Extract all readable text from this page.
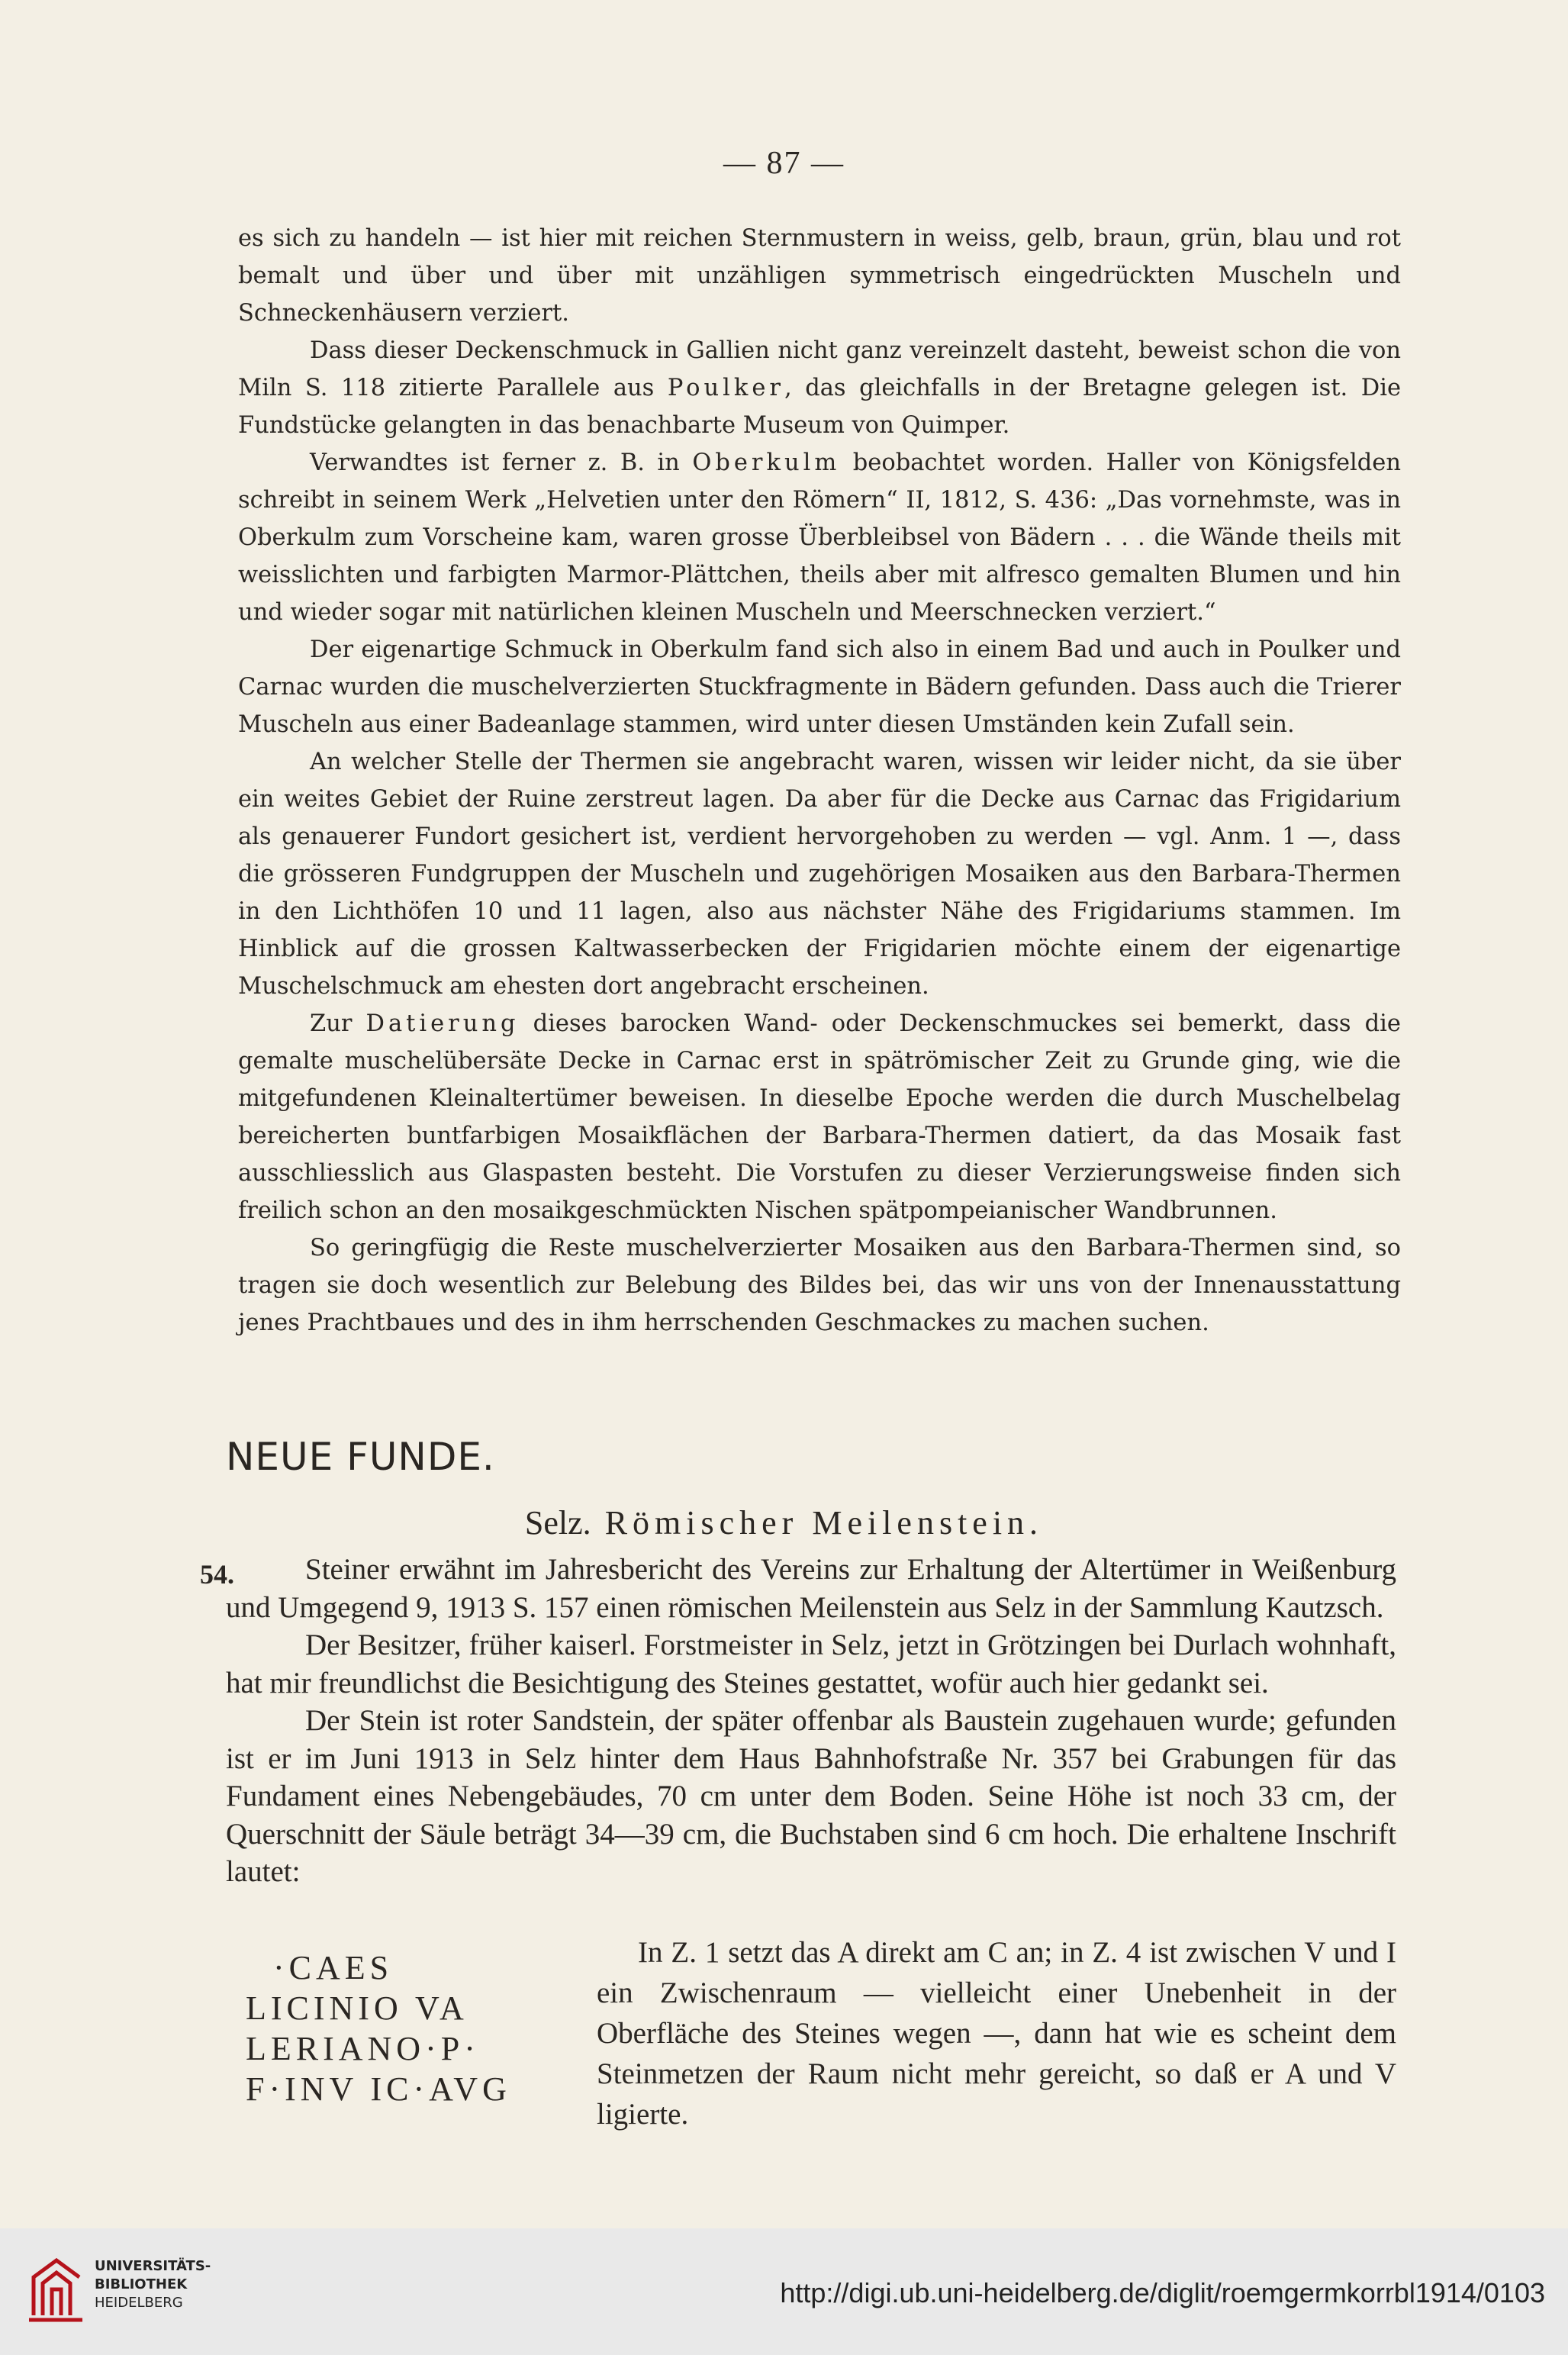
— 87 —

es sich zu handeln — ist hier mit reichen Sternmustern in weiss, gelb, braun, grün, blau und rot bemalt und über und über mit unzähligen symmetrisch eingedrückten Muscheln und Schneckenhäusern verziert.

Dass dieser Deckenschmuck in Gallien nicht ganz vereinzelt dasteht, beweist schon die von Miln S. 118 zitierte Parallele aus Poulker, das gleichfalls in der Bretagne gelegen ist. Die Fundstücke gelangten in das benachbarte Museum von Quimper.

Verwandtes ist ferner z. B. in Oberkulm beobachtet worden. Haller von Königsfelden schreibt in seinem Werk „Helvetien unter den Römern“ II, 1812, S. 436: „Das vornehmste, was in Oberkulm zum Vorscheine kam, waren grosse Überbleibsel von Bädern . . . die Wände theils mit weisslichten und farbigten Marmor-Plättchen, theils aber mit alfresco gemalten Blumen und hin und wieder sogar mit natürlichen kleinen Muscheln und Meerschnecken verziert.“

Der eigenartige Schmuck in Oberkulm fand sich also in einem Bad und auch in Poulker und Carnac wurden die muschelverzierten Stuckfragmente in Bädern gefunden. Dass auch die Trierer Muscheln aus einer Badeanlage stammen, wird unter diesen Umständen kein Zufall sein.

An welcher Stelle der Thermen sie angebracht waren, wissen wir leider nicht, da sie über ein weites Gebiet der Ruine zerstreut lagen. Da aber für die Decke aus Carnac das Frigidarium als genauerer Fundort gesichert ist, verdient hervorgehoben zu werden — vgl. Anm. 1 —, dass die grösseren Fundgruppen der Muscheln und zugehörigen Mosaiken aus den Barbara-Thermen in den Lichthöfen 10 und 11 lagen, also aus nächster Nähe des Frigidariums stammen. Im Hinblick auf die grossen Kaltwasserbecken der Frigidarien möchte einem der eigenartige Muschelschmuck am ehesten dort angebracht erscheinen.

Zur Datierung dieses barocken Wand- oder Deckenschmuckes sei bemerkt, dass die gemalte muschelübersäte Decke in Carnac erst in spätrömischer Zeit zu Grunde ging, wie die mitgefundenen Kleinaltertümer beweisen. In dieselbe Epoche werden die durch Muschelbelag bereicherten buntfarbigen Mosaikflächen der Barbara-Thermen datiert, da das Mosaik fast ausschliesslich aus Glaspasten besteht. Die Vorstufen zu dieser Verzierungsweise finden sich freilich schon an den mosaikgeschmückten Nischen spätpompeianischer Wandbrunnen.

So geringfügig die Reste muschelverzierter Mosaiken aus den Barbara-Thermen sind, so tragen sie doch wesentlich zur Belebung des Bildes bei, das wir uns von der Innenausstattung jenes Prachtbaues und des in ihm herrschenden Geschmackes zu machen suchen.

NEUE FUNDE.
Selz. Römischer Meilenstein.
54.	Steiner erwähnt im Jahresbericht des Vereins zur Erhaltung der Altertümer in Weißenburg und Umgegend 9, 1913 S. 157 einen römischen Meilenstein aus Selz in der Sammlung Kautzsch.

Der Besitzer, früher kaiserl. Forstmeister in Selz, jetzt in Grötzingen bei Durlach wohnhaft, hat mir freundlichst die Besichtigung des Steines gestattet, wofür auch hier gedankt sei.

Der Stein ist roter Sandstein, der später offenbar als Baustein zugehauen wurde; gefunden ist er im Juni 1913 in Selz hinter dem Haus Bahnhofstraße Nr. 357 bei Grabungen für das Fundament eines Nebengebäudes, 70 cm unter dem Boden. Seine Höhe ist noch 33 cm, der Querschnitt der Säule beträgt 34—39 cm, die Buchstaben sind 6 cm hoch. Die erhaltene Inschrift lautet:

·CAES
LICINIO VA
LERIANO·P·
F·INV IC·AVG
In Z. 1 setzt das A direkt am C an; in Z. 4 ist zwischen V und I ein Zwischenraum — vielleicht einer Unebenheit in der Oberfläche des Steines wegen —, dann hat wie es scheint dem Steinmetzen der Raum nicht mehr gereicht, so daß er A und V ligierte.
UNIVERSITÄTS-
BIBLIOTHEK
HEIDELBERG	http://digi.ub.uni-heidelberg.de/diglit/roemgermkorrbl1914/0103
